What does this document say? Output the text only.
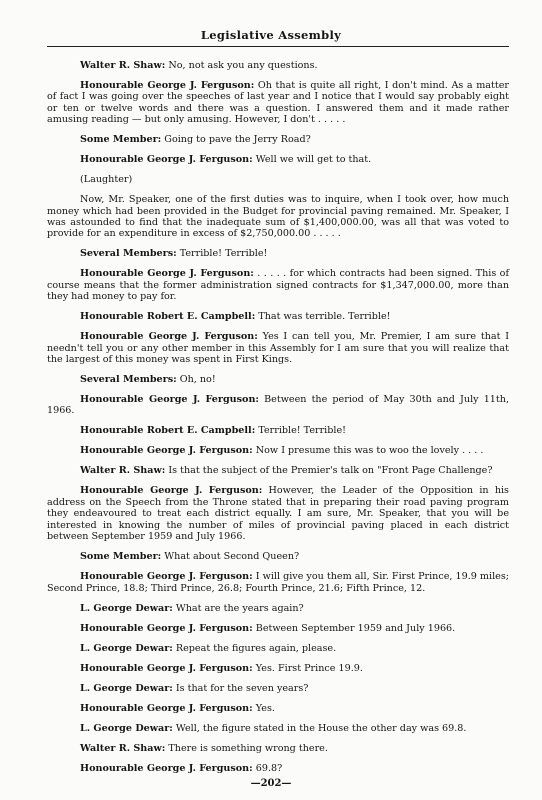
Legislative Assembly

Walter R. Shaw: No, not ask you any questions.

Honourable George J. Ferguson: Oh that is quite all right, I don't mind. As a matter of fact I was going over the speeches of last year and I notice that I would say probably eight or ten or twelve words and there was a question. I answered them and it made rather amusing reading — but only amusing. However, I don't . . . . .

Some Member: Going to pave the Jerry Road?

Honourable George J. Ferguson: Well we will get to that.

(Laughter)

Now, Mr. Speaker, one of the first duties was to inquire, when I took over, how much money which had been provided in the Budget for provincial paving remained. Mr. Speaker, I was astounded to find that the inadequate sum of $1,400,000.00, was all that was voted to provide for an expenditure in excess of $2,750,000.00 . . . . .

Several Members: Terrible! Terrible!

Honourable George J. Ferguson: . . . . . for which contracts had been signed. This of course means that the former administration signed contracts for $1,347,000.00, more than they had money to pay for.

Honourable Robert E. Campbell: That was terrible. Terrible!

Honourable George J. Ferguson: Yes I can tell you, Mr. Premier, I am sure that I needn't tell you or any other member in this Assembly for I am sure that you will realize that the largest of this money was spent in First Kings.

Several Members: Oh, no!

Honourable George J. Ferguson: Between the period of May 30th and July 11th, 1966.

Honourable Robert E. Campbell: Terrible! Terrible!

Honourable George J. Ferguson: Now I presume this was to woo the lovely . . . .

Walter R. Shaw: Is that the subject of the Premier's talk on "Front Page Challenge?

Honourable George J. Ferguson: However, the Leader of the Opposition in his address on the Speech from the Throne stated that in preparing their road paving program they endeavoured to treat each district equally. I am sure, Mr. Speaker, that you will be interested in knowing the number of miles of provincial paving placed in each district between September 1959 and July 1966.

Some Member: What about Second Queen?

Honourable George J. Ferguson: I will give you them all, Sir. First Prince, 19.9 miles; Second Prince, 18.8; Third Prince, 26.8; Fourth Prince, 21.6; Fifth Prince, 12.

L. George Dewar: What are the years again?

Honourable George J. Ferguson: Between September 1959 and July 1966.

L. George Dewar: Repeat the figures again, please.

Honourable George J. Ferguson: Yes. First Prince 19.9.

L. George Dewar: Is that for the seven years?

Honourable George J. Ferguson: Yes.

L. George Dewar: Well, the figure stated in the House the other day was 69.8.

Walter R. Shaw: There is something wrong there.

Honourable George J. Ferguson: 69.8?

—202—
